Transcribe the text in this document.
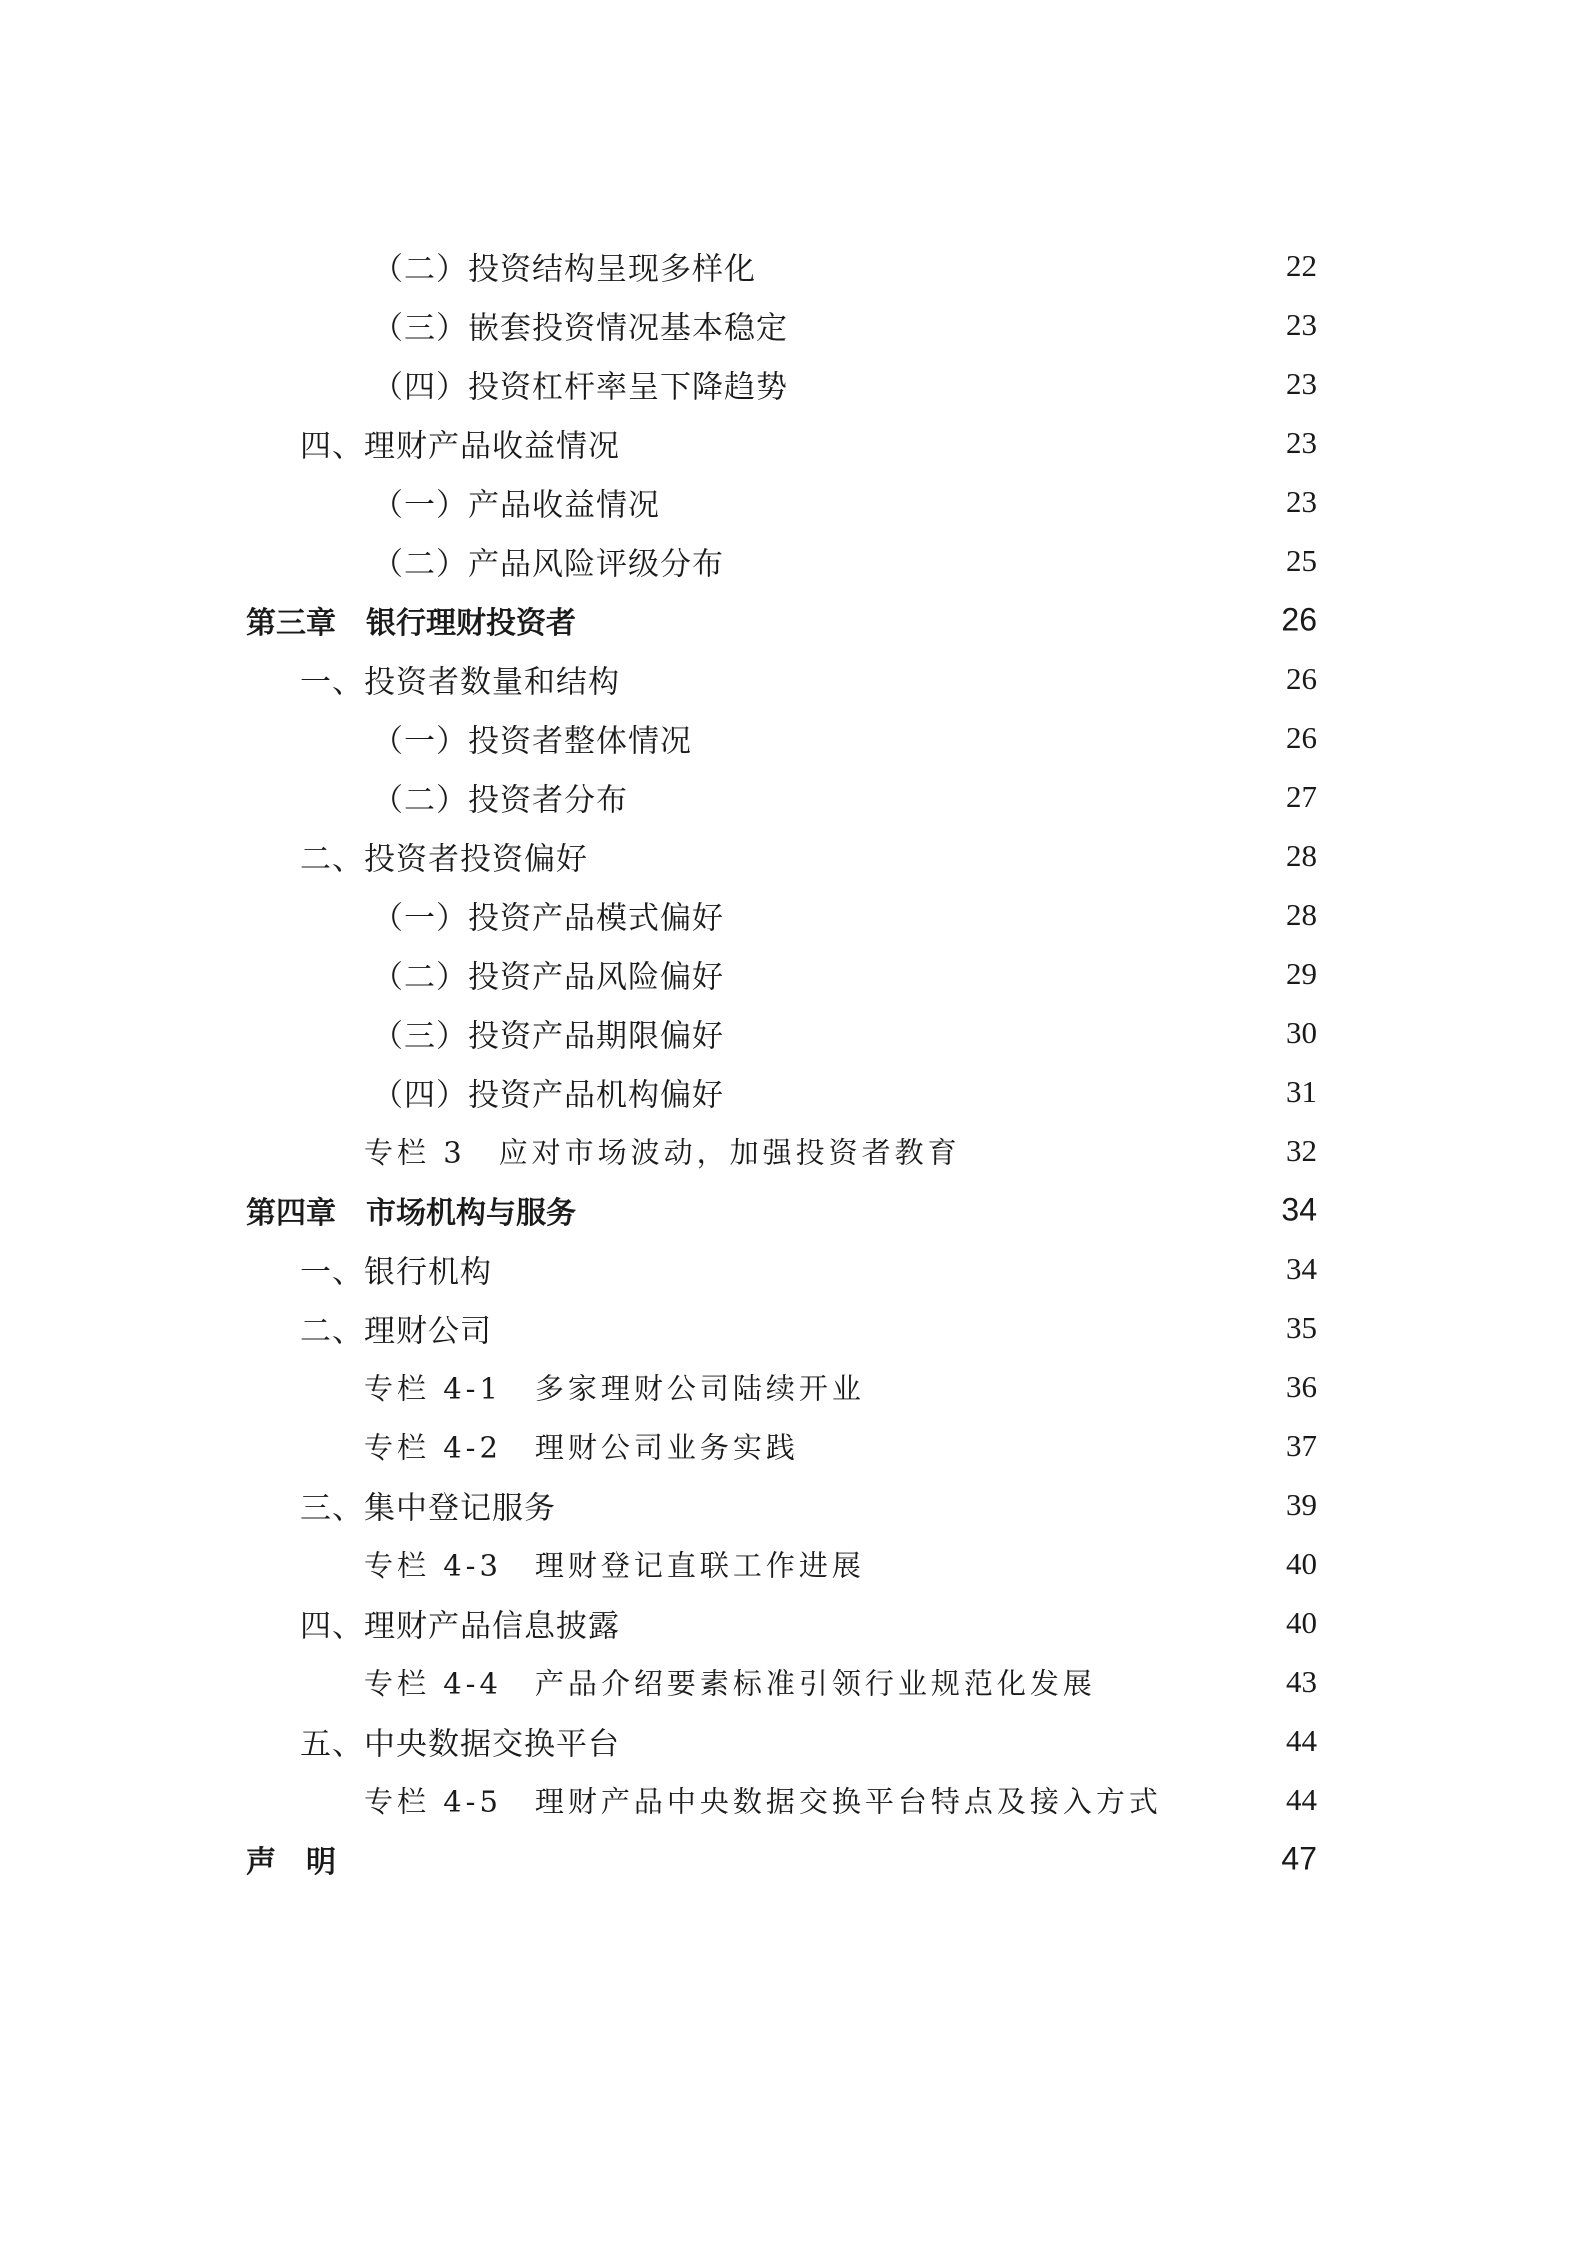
（二）投资结构呈现多样化	22
（三）嵌套投资情况基本稳定	23
（四）投资杠杆率呈下降趋势	23
四、理财产品收益情况	23
（一）产品收益情况	23
（二）产品风险评级分布	25
第三章　银行理财投资者	26
一、投资者数量和结构	26
（一）投资者整体情况	26
（二）投资者分布	27
二、投资者投资偏好	28
（一）投资产品模式偏好	28
（二）投资产品风险偏好	29
（三）投资产品期限偏好	30
（四）投资产品机构偏好	31
专栏 3　应对市场波动，加强投资者教育	32
第四章　市场机构与服务	34
一、银行机构	34
二、理财公司	35
专栏 4-1　多家理财公司陆续开业	36
专栏 4-2　理财公司业务实践	37
三、集中登记服务	39
专栏 4-3　理财登记直联工作进展	40
四、理财产品信息披露	40
专栏 4-4　产品介绍要素标准引领行业规范化发展	43
五、中央数据交换平台	44
专栏 4-5　理财产品中央数据交换平台特点及接入方式	44
声　明	47
